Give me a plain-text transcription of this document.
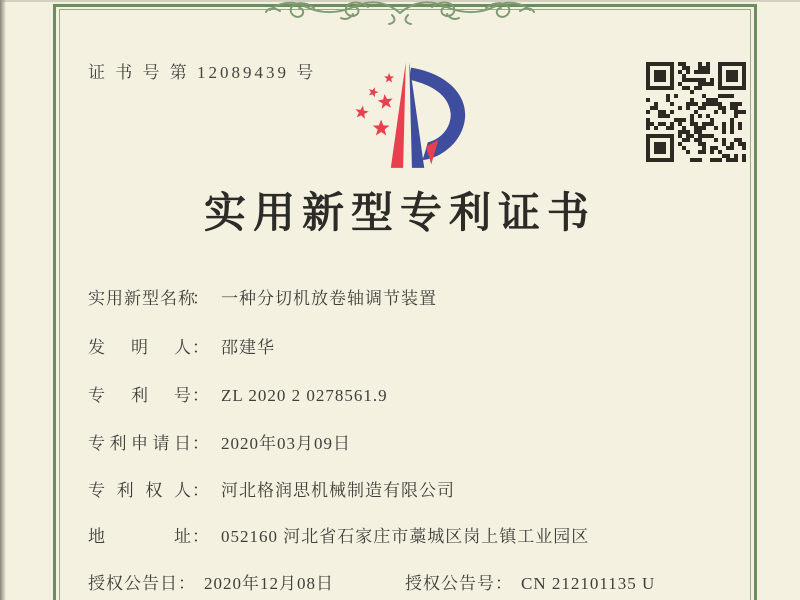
证 书 号 第 12089439 号
实用新型专利证书
实用新型名称： 一种分切机放卷轴调节装置
发明人： 邵建华
专利号： ZL 2020 2 0278561.9
专利申请日： 2020年03月09日
专利权人： 河北格润思机械制造有限公司
地址： 052160 河北省石家庄市藁城区岗上镇工业园区
授权公告日： 2020年12月08日	授权公告号： CN 212101135 U
